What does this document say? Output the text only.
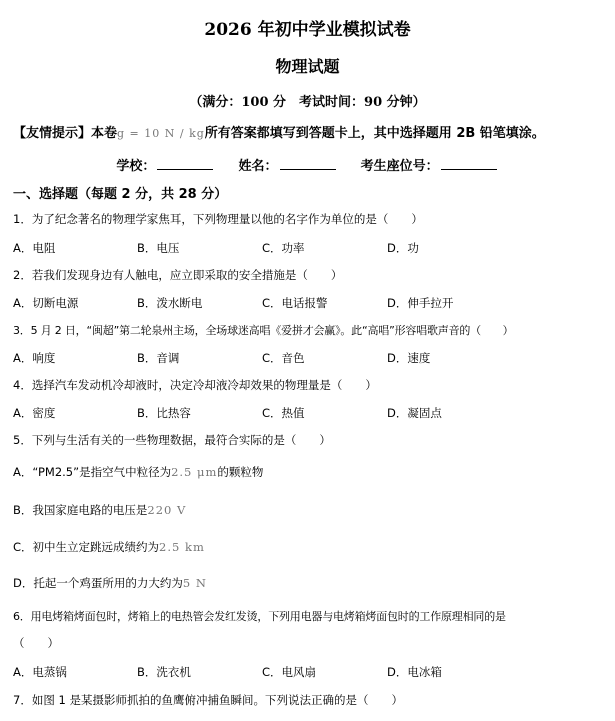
2026 年初中学业模拟试卷
物理试题
（满分：100 分　考试时间：90 分钟）
【友情提示】本卷g = 10 N / kg所有答案都填写到答题卡上，其中选择题用 2B 铅笔填涂。
学校：	姓名：	考生座位号：
一、选择题（每题 2 分，共 28 分）
1．为了纪念著名的物理学家焦耳，下列物理量以他的名字作为单位的是（　　）
A．电阻	B．电压	C．功率	D．功
2．若我们发现身边有人触电，应立即采取的安全措施是（　　）
A．切断电源	B．泼水断电	C．电话报警	D．伸手拉开
3．5 月 2 日，“闽超”第二轮泉州主场，全场球迷高唱《爱拼才会赢》。此“高唱”形容唱歌声音的（　　）
A．响度	B．音调	C．音色	D．速度
4．选择汽车发动机冷却液时，决定冷却液冷却效果的物理量是（　　）
A．密度	B．比热容	C．热值	D．凝固点
5．下列与生活有关的一些物理数据，最符合实际的是（　　）
A．“PM2.5”是指空气中粒径为2.5 μm的颗粒物
B．我国家庭电路的电压是220 V
C．初中生立定跳远成绩约为2.5 km
D．托起一个鸡蛋所用的力大约为5 N
6．用电烤箱烤面包时，烤箱上的电热管会发红发烫，下列用电器与电烤箱烤面包时的工作原理相同的是
（　　）
A．电蒸锅	B．洗衣机	C．电风扇	D．电冰箱
7．如图 1 是某摄影师抓拍的鱼鹰俯冲捕鱼瞬间。下列说法正确的是（　　）
